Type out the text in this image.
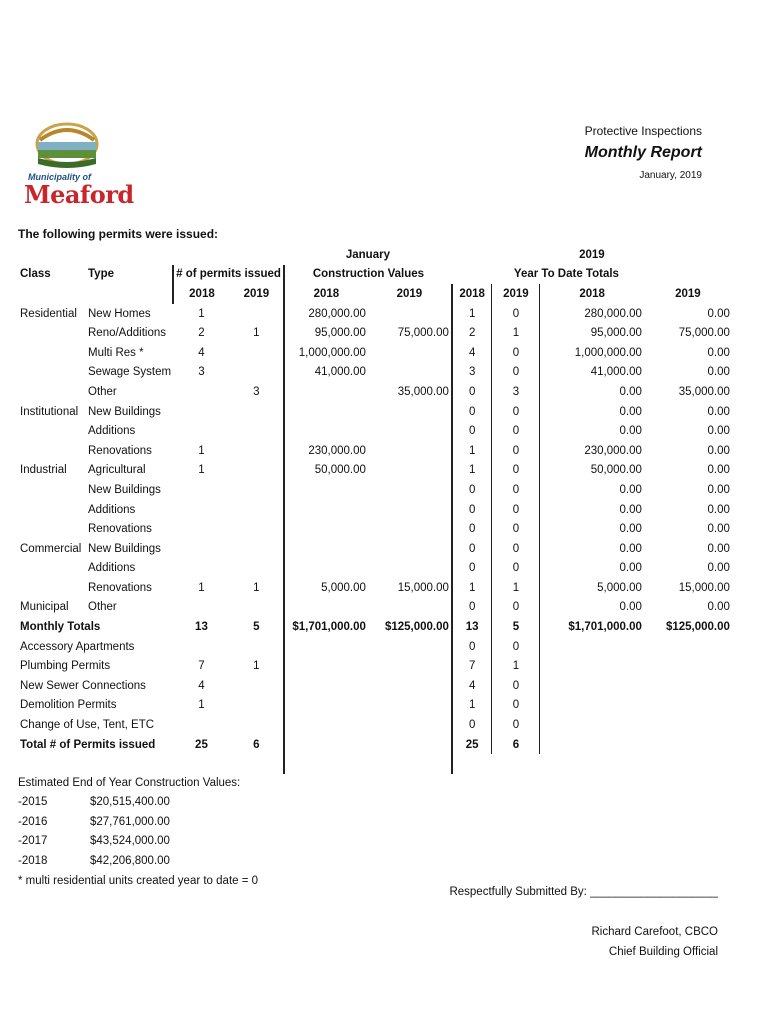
Municipality of
Meaford
Protective Inspections
Monthly Report
January, 2019
The following permits were issued:
				January				2019	
Class	Type	# of permits issued		Construction Values			Year To Date Totals		
		2018	2019	2018	2019	2018	2019	2018	2019
Residential	New Homes	1		280,000.00		1	0	280,000.00	0.00
	Reno/Additions	2	1	95,000.00	75,000.00	2	1	95,000.00	75,000.00
	Multi Res *	4		1,000,000.00		4	0	1,000,000.00	0.00
	Sewage System	3		41,000.00		3	0	41,000.00	0.00
	Other		3		35,000.00	0	3	0.00	35,000.00
Institutional	New Buildings					0	0	0.00	0.00
	Additions					0	0	0.00	0.00
	Renovations	1		230,000.00		1	0	230,000.00	0.00
Industrial	Agricultural	1		50,000.00		1	0	50,000.00	0.00
	New Buildings					0	0	0.00	0.00
	Additions					0	0	0.00	0.00
	Renovations					0	0	0.00	0.00
Commercial	New Buildings					0	0	0.00	0.00
	Additions					0	0	0.00	0.00
	Renovations	1	1	5,000.00	15,000.00	1	1	5,000.00	15,000.00
Municipal	Other					0	0	0.00	0.00
Monthly Totals		13	5	$1,701,000.00	$125,000.00	13	5	$1,701,000.00	$125,000.00
Accessory Apartments						0	0		
Plumbing Permits		7	1			7	1		
New Sewer Connections		4				4	0		
Demolition Permits		1				1	0		
Change of Use, Tent, ETC						0	0		
Total # of Permits issued		25	6			25	6		

Estimated End of Year Construction Values:
-2015	$20,515,400.00
-2016	$27,761,000.00
-2017	$43,524,000.00
-2018	$42,206,800.00
* multi residential units created year to date = 0
Respectfully Submitted By: ____________________
Richard Carefoot, CBCO
Chief Building Official
